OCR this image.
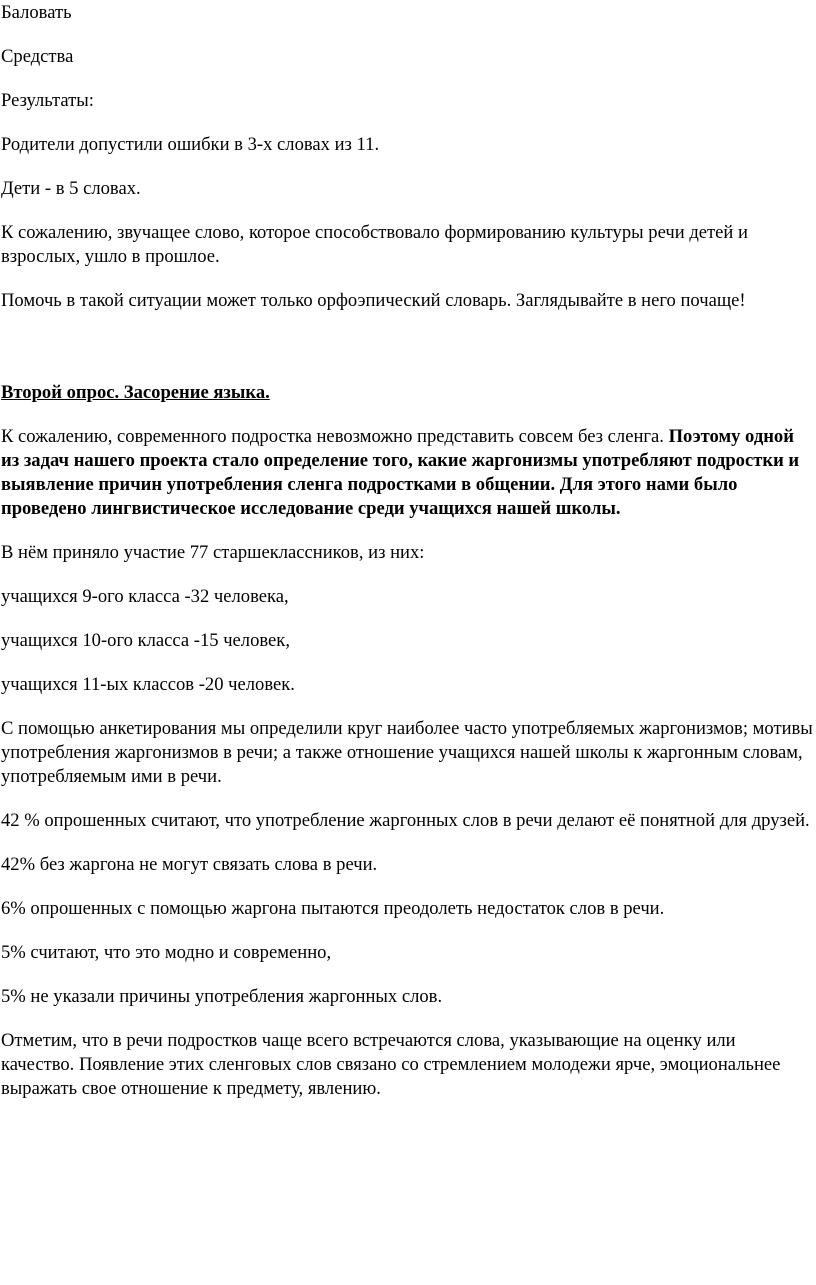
Баловать

Средства

Результаты:

Родители допустили ошибки в 3-х словах из 11.

Дети - в 5 словах.

К сожалению, звучащее слово, которое способствовало формированию культуры речи детей и взрослых, ушло в прошлое.

Помочь в такой ситуации может только орфоэпический словарь. Заглядывайте в него почаще!

Второй опрос. Засорение языка.

К сожалению, современного подростка невозможно представить совсем без сленга. Поэтому одной из задач нашего проекта стало определение того, какие жаргонизмы употребляют подростки и выявление причин употребления сленга подростками в общении. Для этого нами было проведено лингвистическое исследование среди учащихся нашей школы.

В нём приняло участие 77 старшеклассников, из них:

учащихся 9-ого класса -32 человека,

учащихся 10-ого класса -15 человек,

учащихся 11-ых классов -20 человек.

С помощью анкетирования мы определили круг наиболее часто употребляемых жаргонизмов; мотивы употребления жаргонизмов в речи; а также отношение учащихся нашей школы к жаргонным словам, употребляемым ими в речи.

42 % опрошенных считают, что употребление жаргонных слов в речи делают её понятной для друзей.

42% без жаргона не могут связать слова в речи.

6% опрошенных с помощью жаргона пытаются преодолеть недостаток слов в речи.

5% считают, что это модно и современно,

5% не указали причины употребления жаргонных слов.

Отметим, что в речи подростков чаще всего встречаются слова, указывающие на оценку или качество. Появление этих сленговых слов связано со стремлением молодежи ярче, эмоциональнее выражать свое отношение к предмету, явлению.
